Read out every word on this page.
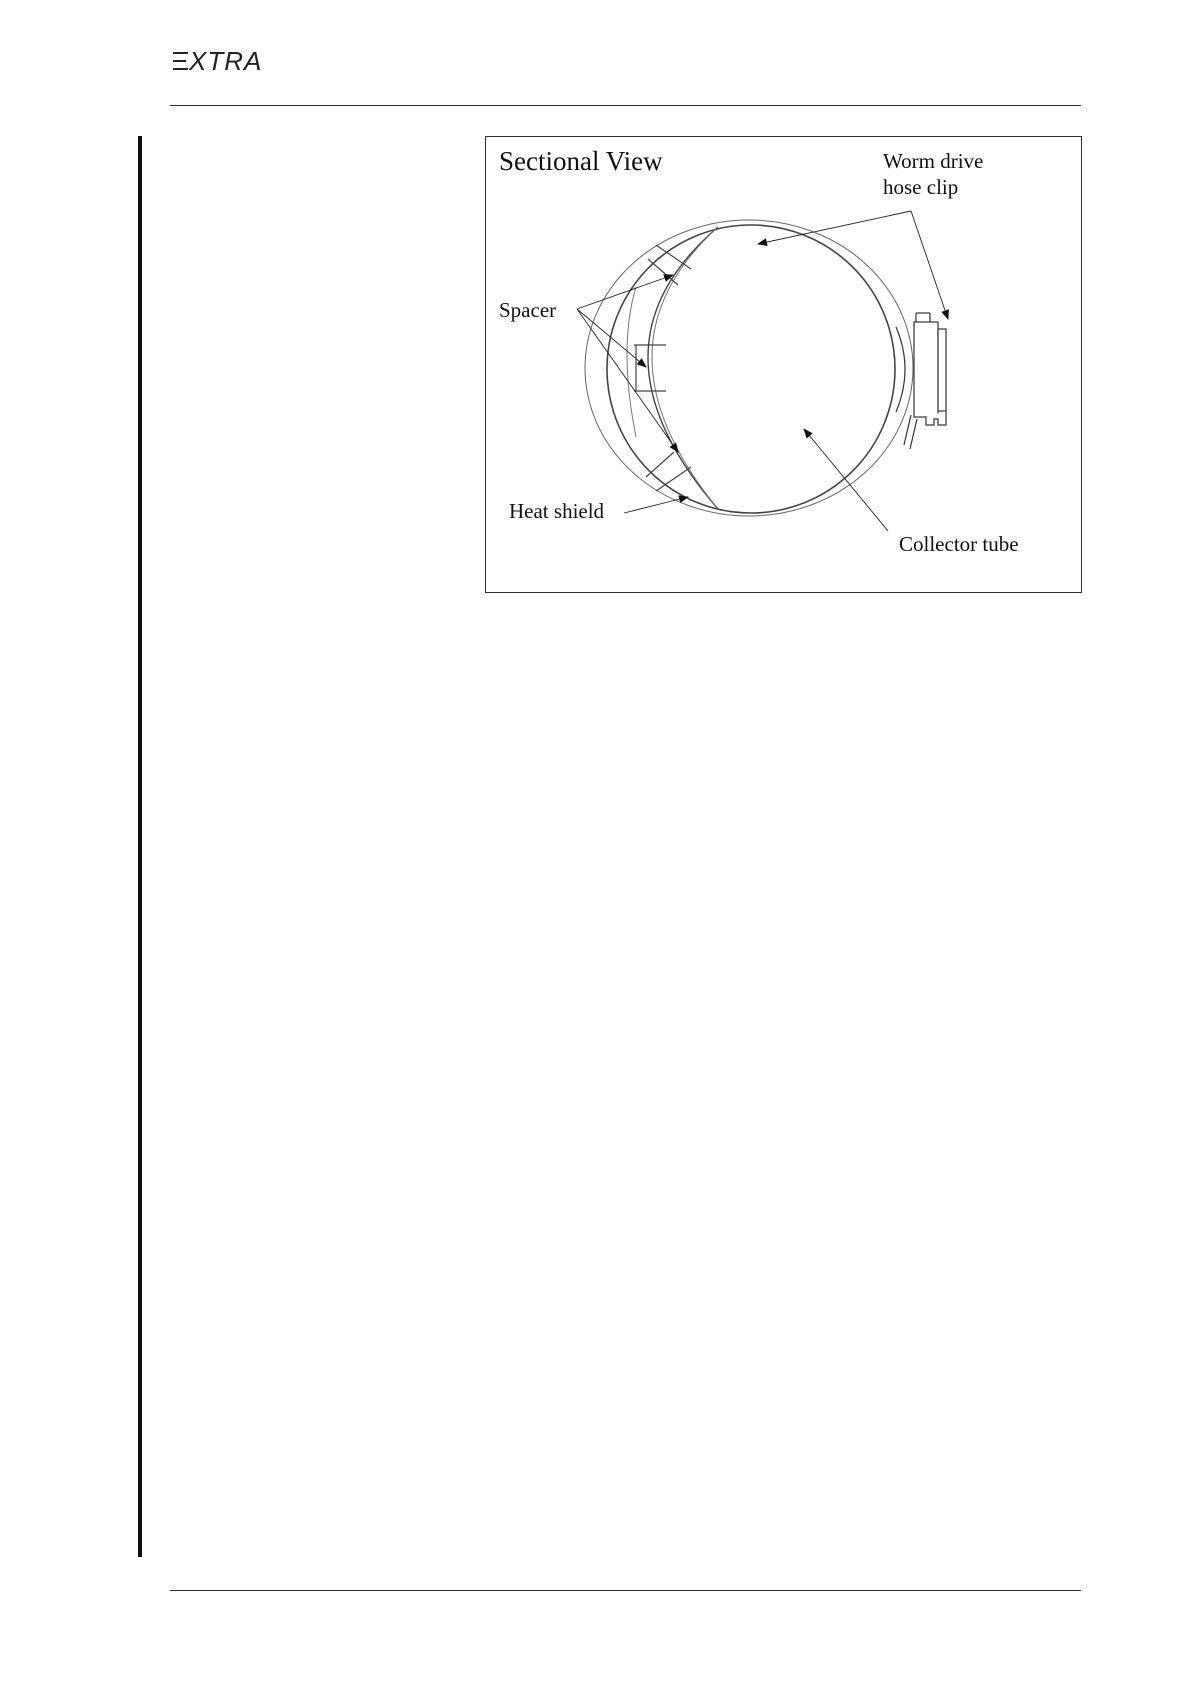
XTRA
Sectional View	Worm drive
hose clip
Spacer
Heat shield
Collector tube
